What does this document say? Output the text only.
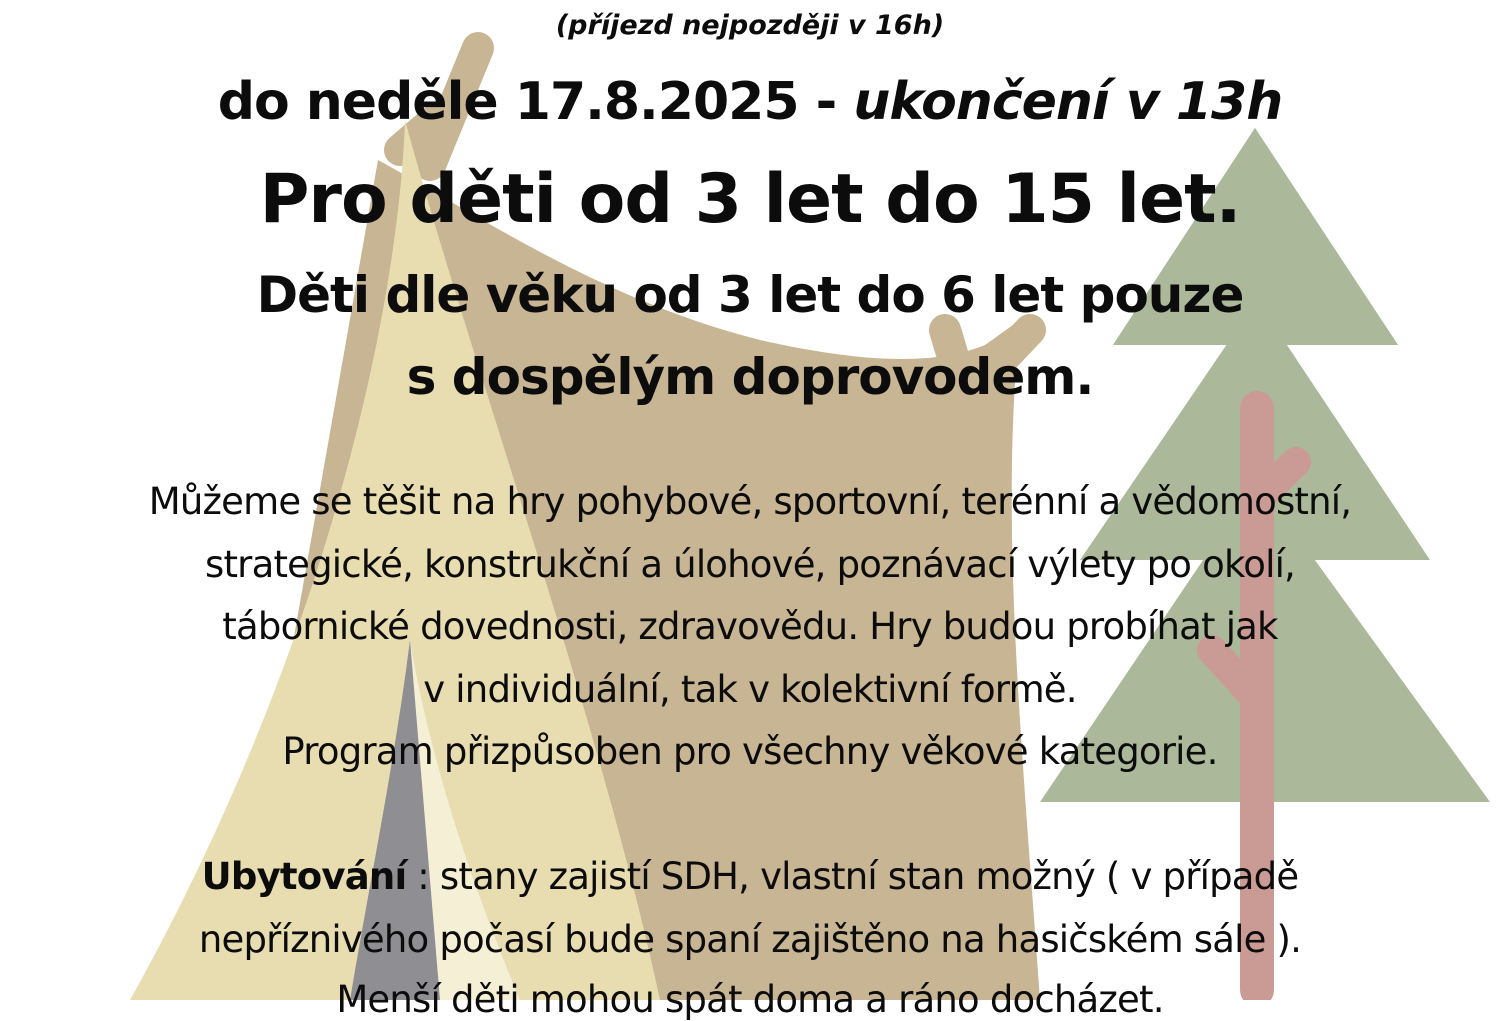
(příjezd nejpozději v 16h)
do neděle 17.8.2025 - ukončení v 13h
Pro děti od 3 let do 15 let.
Děti dle věku od 3 let do 6 let pouze
s dospělým doprovodem.
Můžeme se těšit na hry pohybové, sportovní, terénní a vědomostní,
strategické, konstrukční a úlohové, poznávací výlety po okolí,
tábornické dovednosti, zdravovědu. Hry budou probíhat jak
v individuální, tak v kolektivní formě.
Program přizpůsoben pro všechny věkové kategorie.
Ubytování : stany zajistí SDH, vlastní stan možný ( v případě
nepříznivého počasí bude spaní zajištěno na hasičském sále ).
Menší děti mohou spát doma a ráno docházet.
